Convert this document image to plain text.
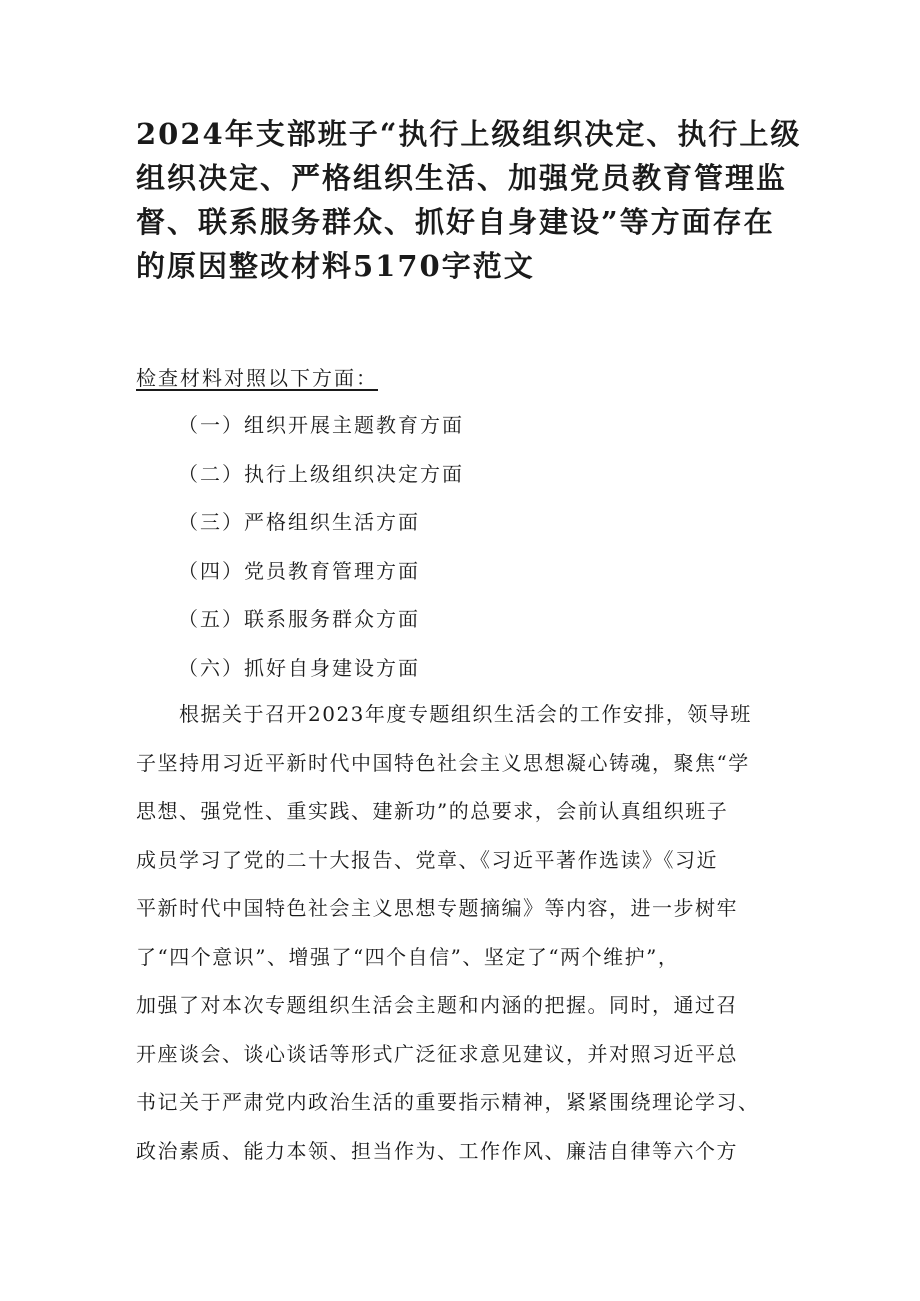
2024年支部班子“执行上级组织决定、执行上级
组织决定、严格组织生活、加强党员教育管理监
督、联系服务群众、抓好自身建设”等方面存在
的原因整改材料5170字范文
检查材料对照以下方面：
（一）组织开展主题教育方面
（二）执行上级组织决定方面
（三）严格组织生活方面
（四）党员教育管理方面
（五）联系服务群众方面
（六）抓好自身建设方面
　　根据关于召开2023年度专题组织生活会的工作安排，领导班
子坚持用习近平新时代中国特色社会主义思想凝心铸魂，聚焦“学
思想、强党性、重实践、建新功”的总要求，会前认真组织班子
成员学习了党的二十大报告、党章、《习近平著作选读》《习近
平新时代中国特色社会主义思想专题摘编》等内容，进一步树牢
了“四个意识”、增强了“四个自信”、坚定了“两个维护”，
加强了对本次专题组织生活会主题和内涵的把握。同时，通过召
开座谈会、谈心谈话等形式广泛征求意见建议，并对照习近平总
书记关于严肃党内政治生活的重要指示精神，紧紧围绕理论学习、
政治素质、能力本领、担当作为、工作作风、廉洁自律等六个方
